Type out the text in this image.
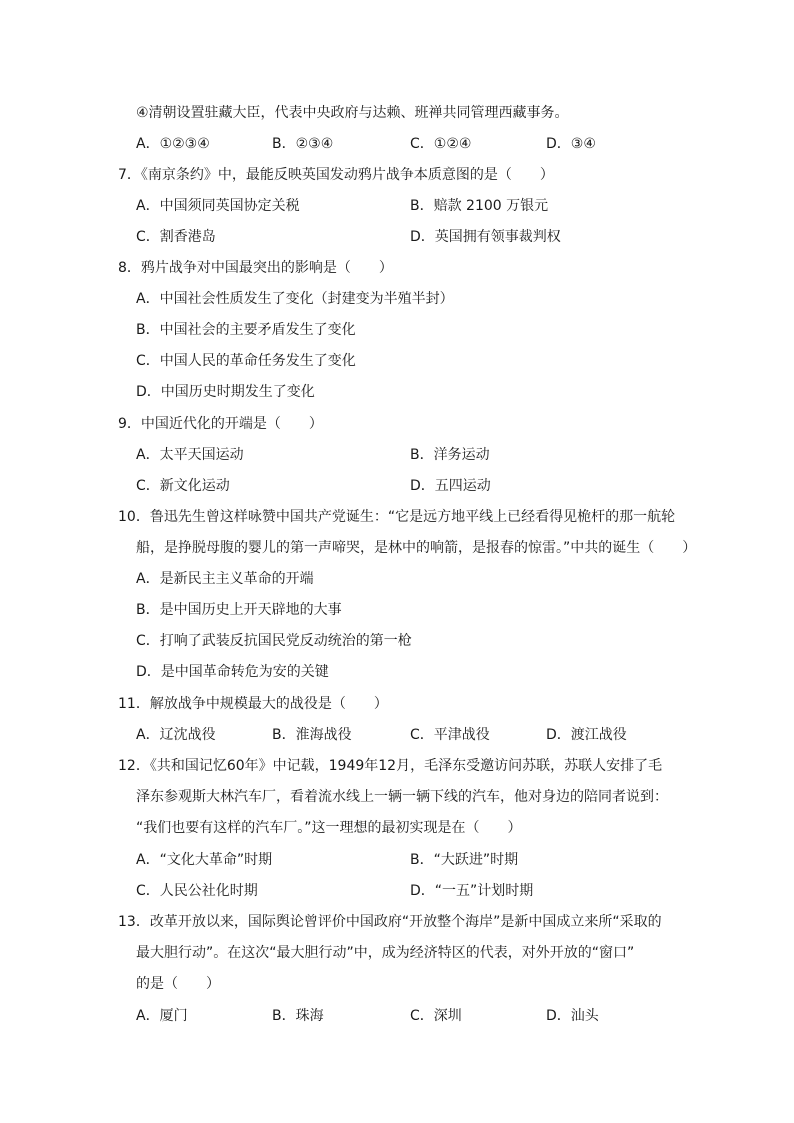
④清朝设置驻藏大臣，代表中央政府与达赖、班禅共同管理西藏事务。
A．①②③④	B．②③④	C．①②④	D．③④
7．《南京条约》中，最能反映英国发动鸦片战争本质意图的是（　　）
A．中国须同英国协定关税	B．赔款 2100 万银元
C．割香港岛	D．英国拥有领事裁判权
8．鸦片战争对中国最突出的影响是（　　）
A．中国社会性质发生了变化（封建变为半殖半封）
B．中国社会的主要矛盾发生了变化
C．中国人民的革命任务发生了变化
D．中国历史时期发生了变化
9．中国近代化的开端是（　　）
A．太平天国运动	B．洋务运动
C．新文化运动	D．五四运动
10．鲁迅先生曾这样咏赞中国共产党诞生：“它是远方地平线上已经看得见桅杆的那一航轮
船，是挣脱母腹的婴儿的第一声啼哭，是林中的响箭，是报春的惊雷。”中共的诞生（　　）
A．是新民主主义革命的开端
B．是中国历史上开天辟地的大事
C．打响了武装反抗国民党反动统治的第一枪
D．是中国革命转危为安的关键
11．解放战争中规模最大的战役是（　　）
A．辽沈战役	B．淮海战役	C．平津战役	D．渡江战役
12．《共和国记忆60年》中记载，1949年12月，毛泽东受邀访问苏联，苏联人安排了毛
泽东参观斯大林汽车厂，看着流水线上一辆一辆下线的汽车，他对身边的陪同者说到：
“我们也要有这样的汽车厂。”这一理想的最初实现是在（　　）
A．“文化大革命”时期	B．“大跃进”时期
C．人民公社化时期	D．“一五”计划时期
13．改革开放以来，国际舆论曾评价中国政府“开放整个海岸”是新中国成立来所“采取的
最大胆行动”。在这次“最大胆行动”中，成为经济特区的代表，对外开放的“窗口”
的是（　　）
A．厦门	B．珠海	C．深圳	D．汕头
